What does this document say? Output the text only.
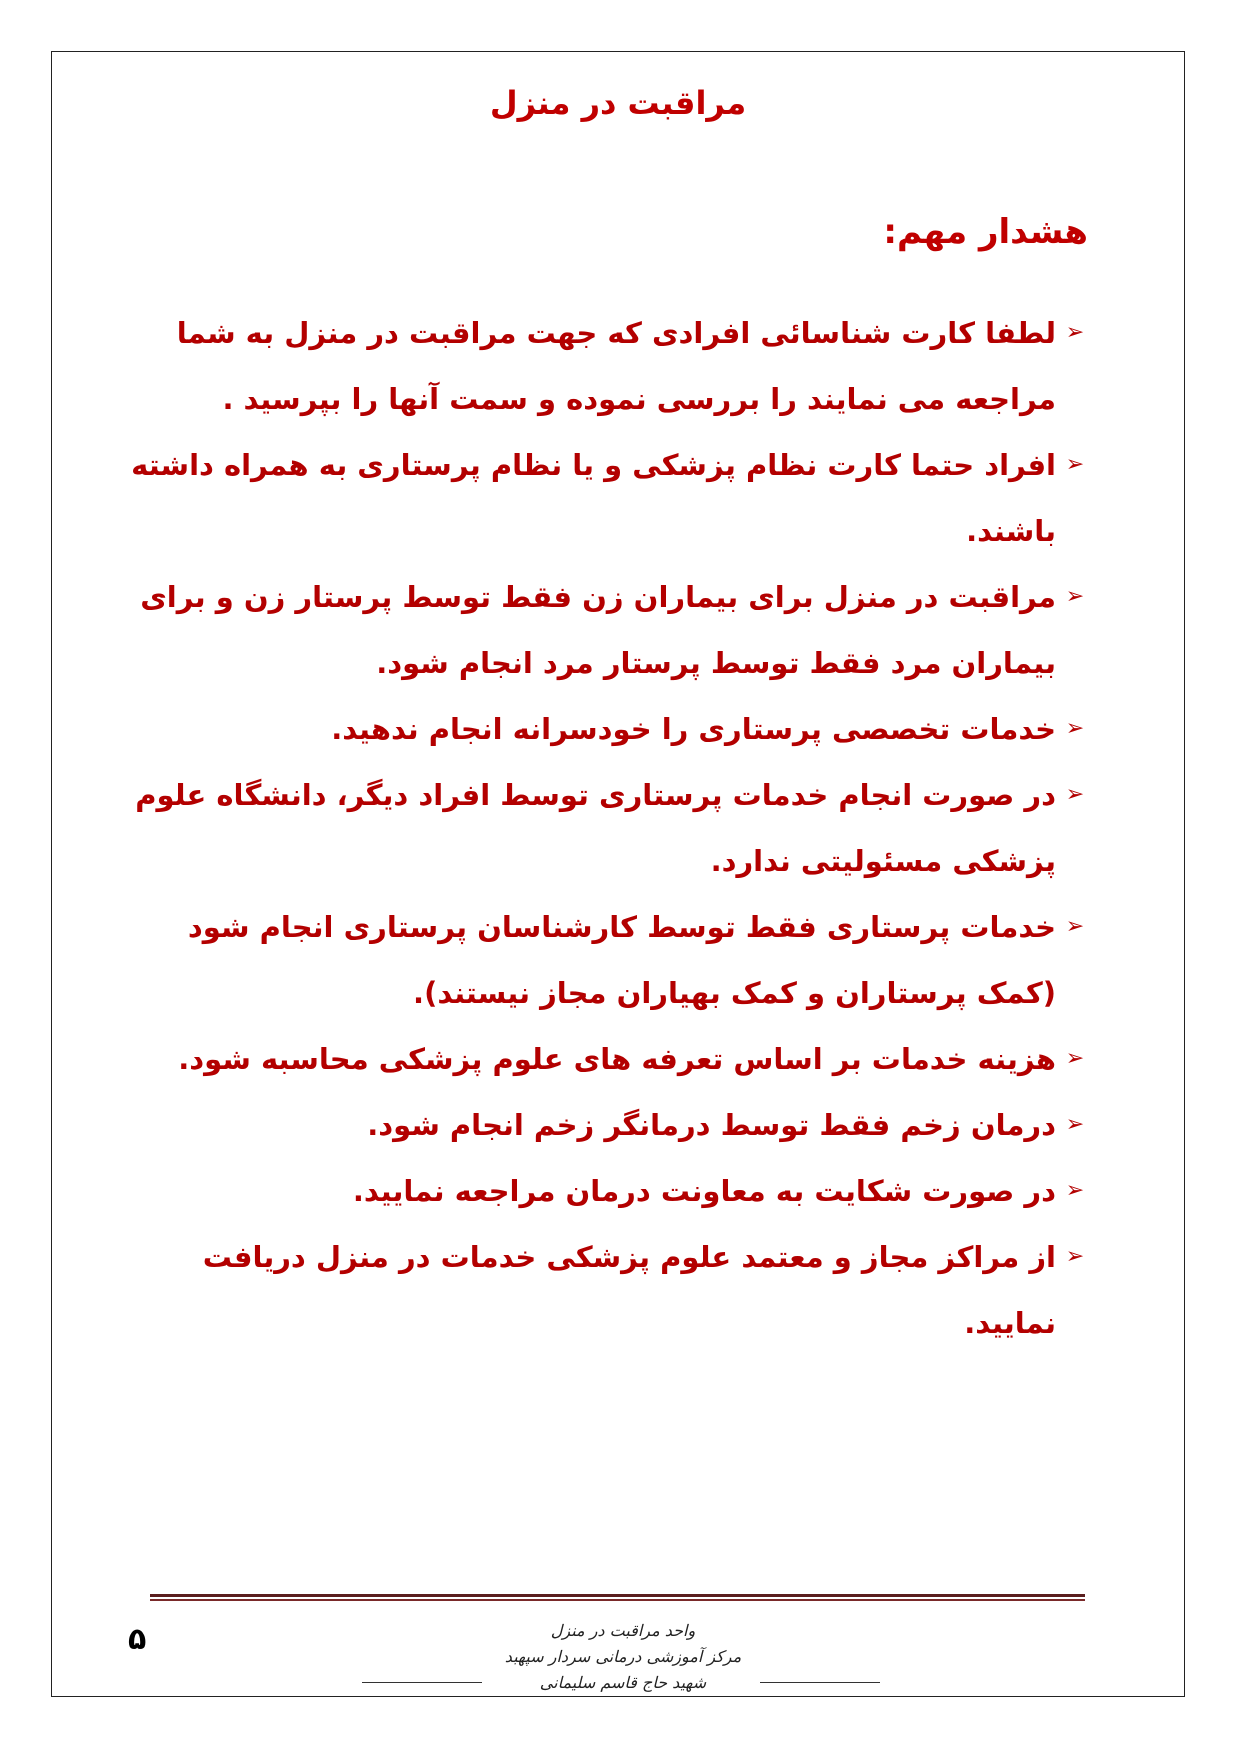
مراقبت در منزل
هشدار مهم:
➢
لطفا کارت شناسائی افرادی که جهت مراقبت در منزل به شما مراجعه می نمایند را بررسی نموده و سمت آنها را بپرسید .
➢
افراد حتما کارت نظام پزشکی و یا نظام پرستاری به همراه داشته باشند.
➢
مراقبت در منزل برای بیماران زن فقط توسط پرستار زن و برای بیماران مرد فقط توسط پرستار مرد انجام شود.
➢
خدمات تخصصی پرستاری را خودسرانه انجام ندهید.
➢
در صورت انجام خدمات پرستاری توسط افراد دیگر، دانشگاه علوم پزشکی مسئولیتی ندارد.
➢
خدمات پرستاری فقط توسط کارشناسان پرستاری انجام شود (کمک پرستاران و کمک بهیاران مجاز نیستند).
➢
هزینه خدمات بر اساس تعرفه های علوم پزشکی محاسبه شود.
➢
درمان زخم فقط توسط درمانگر زخم انجام شود.
➢
در صورت شکایت به معاونت درمان مراجعه نمایید.
➢
از مراکز مجاز و معتمد علوم پزشکی خدمات در منزل دریافت نمایید.
۵	واحد مراقبت در منزل
مرکز آموزشی درمانی سردار سپهبد شهید حاج قاسم سلیمانی
